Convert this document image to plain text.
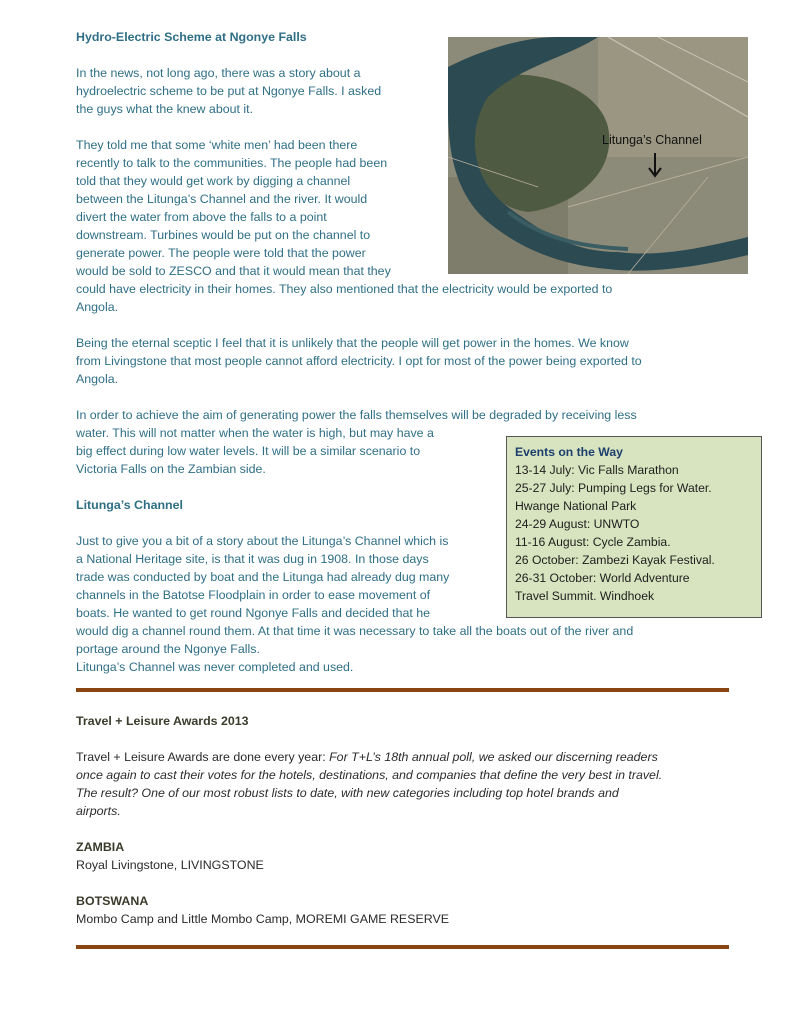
Hydro-Electric Scheme at Ngonye Falls
In the news, not long ago, there was a story about a
hydroelectric scheme to be put at Ngonye Falls. I asked
the guys what the knew about it.
They told me that some ‘white men’ had been there
recently to talk to the communities. The people had been
told that they would get work by digging a channel
between the Litunga’s Channel and the river. It would
divert the water from above the falls to a point
downstream. Turbines would be put on the channel to
generate power. The people were told that the power
would be sold to ZESCO and that it would mean that they
could have electricity in their homes. They also mentioned that the electricity would be exported to
Angola.
Being the eternal sceptic I feel that it is unlikely that the people will get power in the homes. We know
from Livingstone that most people cannot afford electricity. I opt for most of the power being exported to
Angola.
In order to achieve the aim of generating power the falls themselves will be degraded by receiving less
water. This will not matter when the water is high, but may have a
big effect during low water levels. It will be a similar scenario to
Victoria Falls on the Zambian side.
Litunga’s Channel
Events on the Way
13-14 July: Vic Falls Marathon
25-27 July: Pumping Legs for Water.
Hwange National Park
24-29 August: UNWTO
11-16 August: Cycle Zambia.
26 October: Zambezi Kayak Festival.
26-31 October: World Adventure
Travel Summit. Windhoek
Litunga’s Channel
Just to give you a bit of a story about the Litunga’s Channel which is
a National Heritage site, is that it was dug in 1908. In those days
trade was conducted by boat and the Litunga had already dug many
channels in the Batotse Floodplain in order to ease movement of
boats. He wanted to get round Ngonye Falls and decided that he
would dig a channel round them. At that time it was necessary to take all the boats out of the river and
portage around the Ngonye Falls.
Litunga’s Channel was never completed and used.
Travel + Leisure Awards 2013
Travel + Leisure Awards are done every year: For T+L’s 18th annual poll, we asked our discerning readers
once again to cast their votes for the hotels, destinations, and companies that define the very best in travel.
The result? One of our most robust lists to date, with new categories including top hotel brands and
airports.
ZAMBIA
Royal Livingstone, LIVINGSTONE
BOTSWANA
Mombo Camp and Little Mombo Camp, MOREMI GAME RESERVE
